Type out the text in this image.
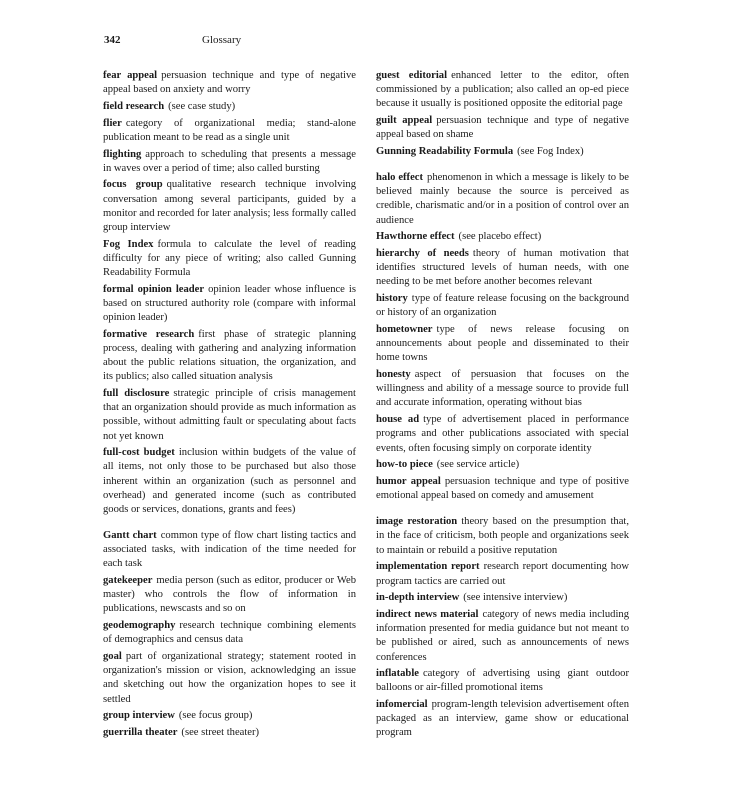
342	Glossary

fear appeal persuasion technique and type of negative appeal based on anxiety and worry

field research (see case study)

flier category of organizational media; stand-alone publication meant to be read as a single unit

flighting approach to scheduling that presents a message in waves over a period of time; also called bursting

focus group qualitative research technique involving conversation among several participants, guided by a monitor and recorded for later analysis; less formally called group interview

Fog Index formula to calculate the level of reading difficulty for any piece of writing; also called Gunning Readability Formula

formal opinion leader opinion leader whose influence is based on structured authority role (compare with informal opinion leader)

formative research first phase of strategic planning process, dealing with gathering and analyzing information about the public relations situation, the organization, and its publics; also called situation analysis

full disclosure strategic principle of crisis management that an organization should provide as much information as possible, without admitting fault or speculating about facts not yet known

full-cost budget inclusion within budgets of the value of all items, not only those to be purchased but also those inherent within an organization (such as personnel and overhead) and generated income (such as contributed goods or services, donations, grants and fees)

Gantt chart common type of flow chart listing tactics and associated tasks, with indication of the time needed for each task

gatekeeper media person (such as editor, producer or Web master) who controls the flow of information in publications, newscasts and so on

geodemography research technique combining elements of demographics and census data

goal part of organizational strategy; statement rooted in organization's mission or vision, acknowledging an issue and sketching out how the organization hopes to see it settled

group interview (see focus group)

guerrilla theater (see street theater)

guest editorial enhanced letter to the editor, often commissioned by a publication; also called an op-ed piece because it usually is positioned opposite the editorial page

guilt appeal persuasion technique and type of negative appeal based on shame

Gunning Readability Formula (see Fog Index)

halo effect phenomenon in which a message is likely to be believed mainly because the source is perceived as credible, charismatic and/or in a position of control over an audience

Hawthorne effect (see placebo effect)

hierarchy of needs theory of human motivation that identifies structured levels of human needs, with one needing to be met before another becomes relevant

history type of feature release focusing on the background or history of an organization

hometowner type of news release focusing on announcements about people and disseminated to their home towns

honesty aspect of persuasion that focuses on the willingness and ability of a message source to provide full and accurate information, operating without bias

house ad type of advertisement placed in performance programs and other publications associated with special events, often focusing simply on corporate identity

how-to piece (see service article)

humor appeal persuasion technique and type of positive emotional appeal based on comedy and amusement

image restoration theory based on the presumption that, in the face of criticism, both people and organizations seek to maintain or rebuild a positive reputation

implementation report research report documenting how program tactics are carried out

in-depth interview (see intensive interview)

indirect news material category of news media including information presented for media guidance but not meant to be published or aired, such as announcements of news conferences

inflatable category of advertising using giant outdoor balloons or air-filled promotional items

infomercial program-length television advertisement often packaged as an interview, game show or educational program
